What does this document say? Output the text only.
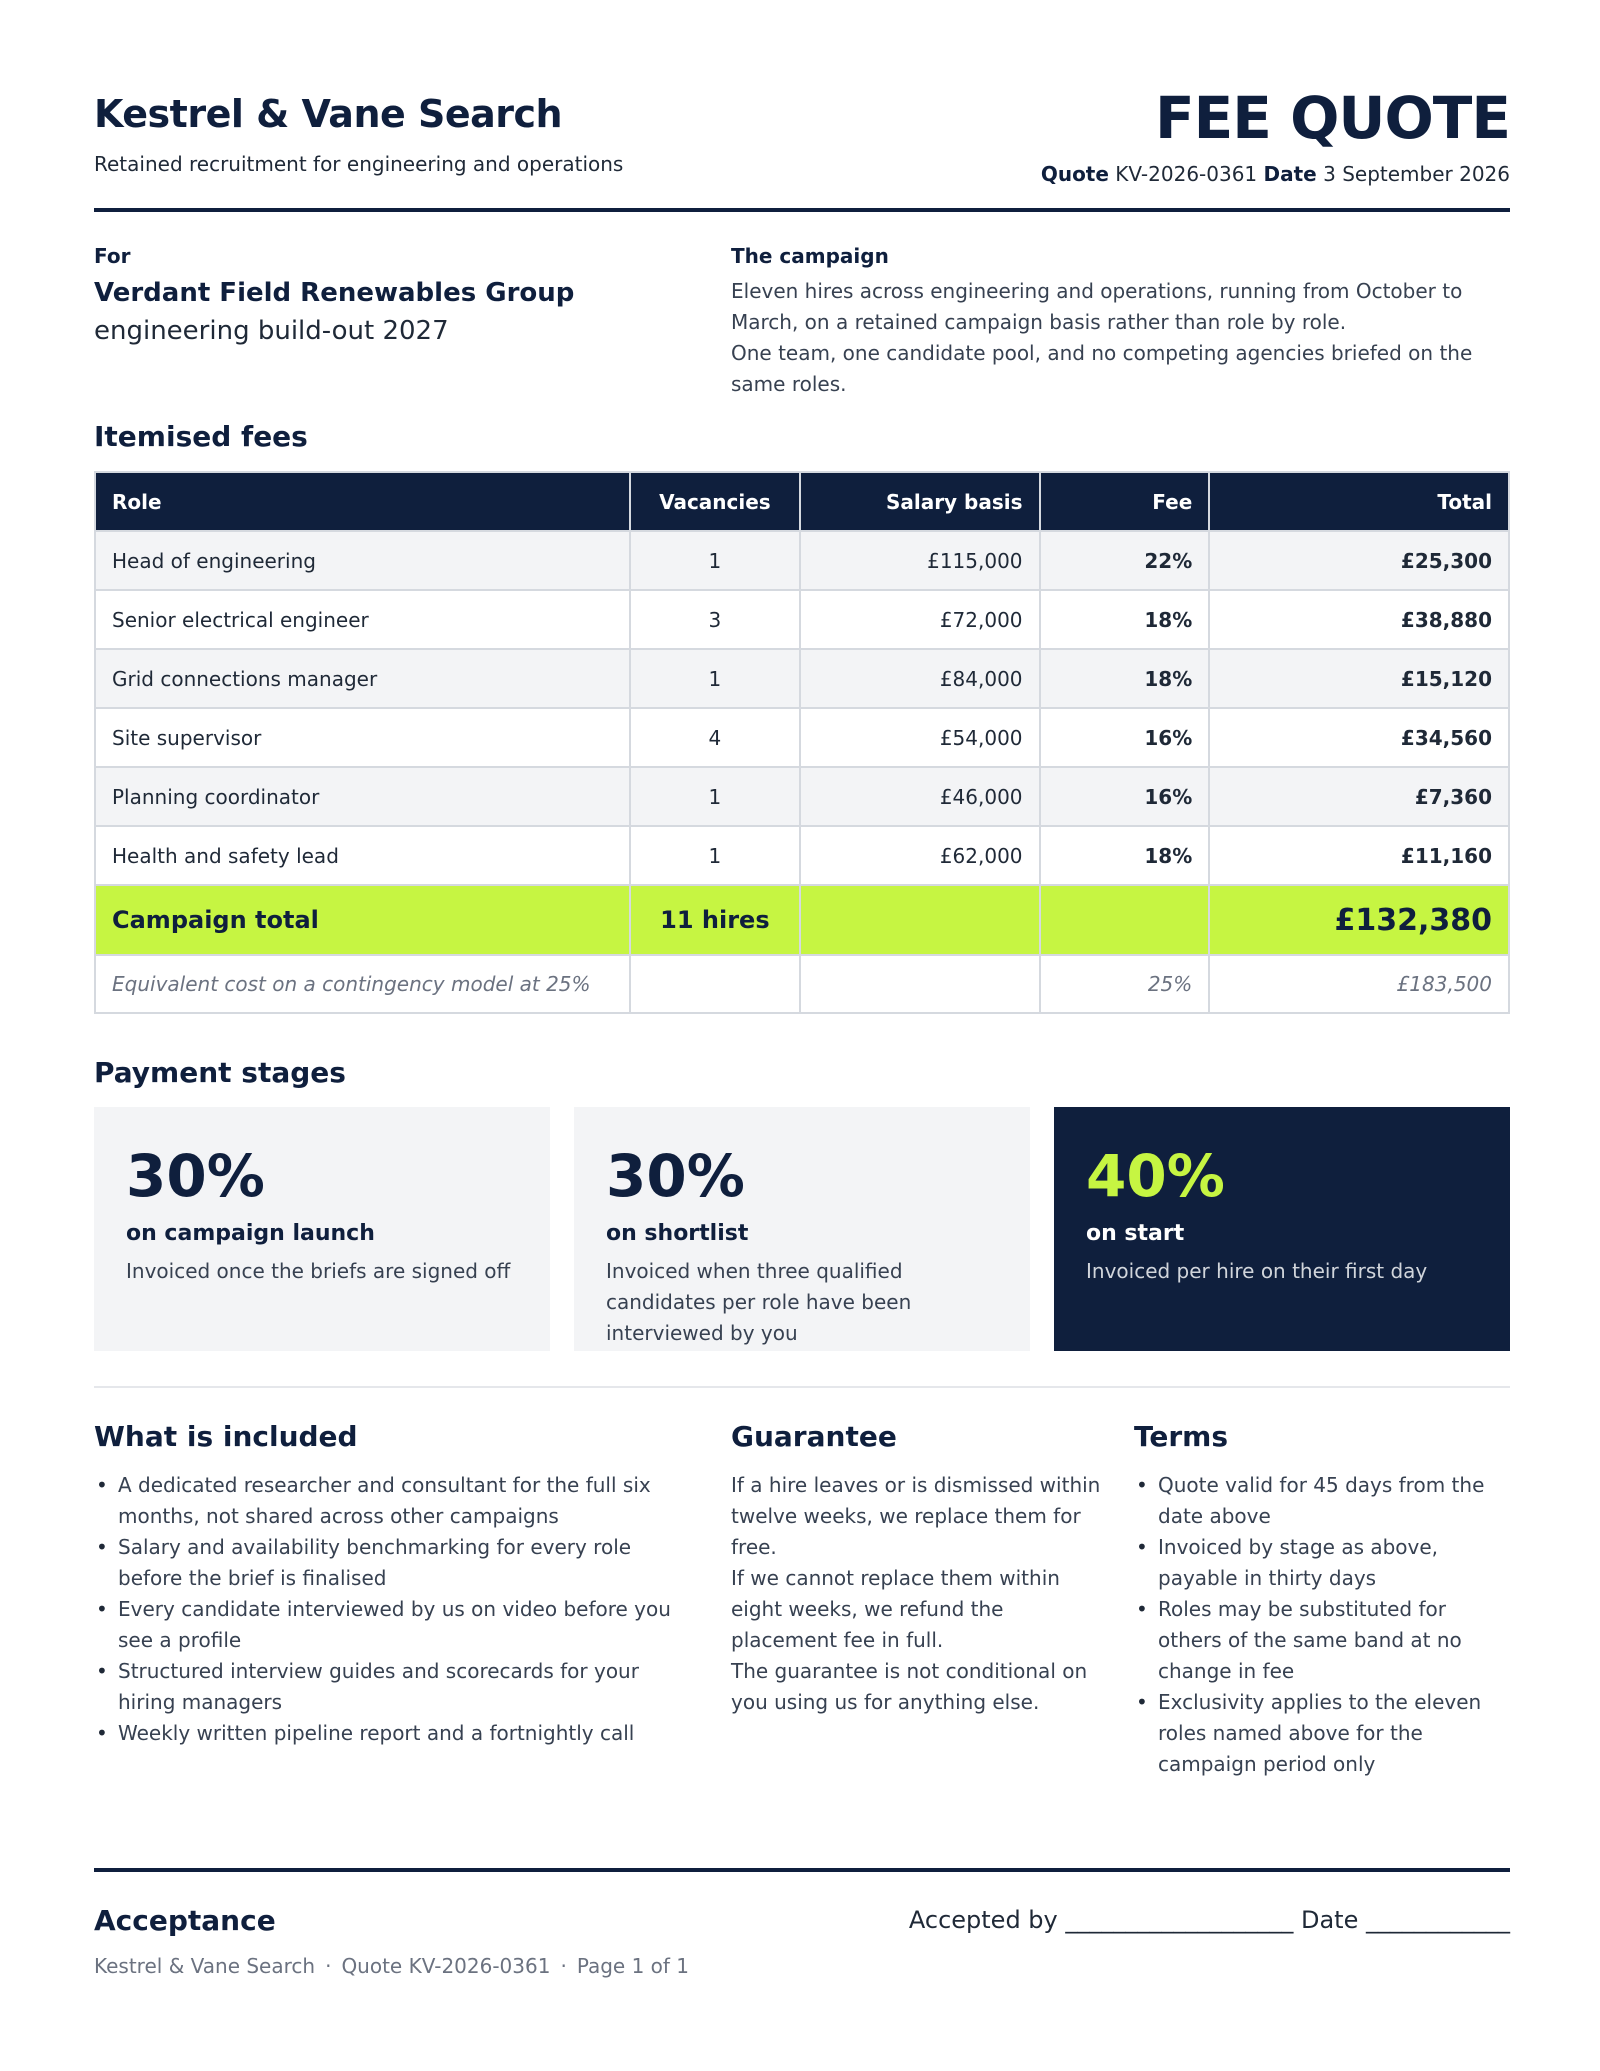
Kestrel & Vane Search
Retained recruitment for engineering and operations
FEE QUOTE
Quote KV-2026-0361 Date 3 September 2026
For
Verdant Field Renewables Group
engineering build-out 2027
The campaign
Eleven hires across engineering and operations, running from October to March, on a retained campaign basis rather than role by role.
One team, one candidate pool, and no competing agencies briefed on the same roles.
Itemised fees
Role	Vacancies	Salary basis	Fee	Total
Head of engineering	1	£115,000	22%	£25,300
Senior electrical engineer	3	£72,000	18%	£38,880
Grid connections manager	1	£84,000	18%	£15,120
Site supervisor	4	£54,000	16%	£34,560
Planning coordinator	1	£46,000	16%	£7,360
Health and safety lead	1	£62,000	18%	£11,160
Campaign total	11 hires			£132,380
Equivalent cost on a contingency model at 25%			25%	£183,500
Payment stages
30%
on campaign launch
Invoiced once the briefs are signed off
30%
on shortlist
Invoiced when three qualified candidates per role have been interviewed by you
40%
on start
Invoiced per hire on their first day
What is included
• A dedicated researcher and consultant for the full six months, not shared across other campaigns
• Salary and availability benchmarking for every role before the brief is finalised
• Every candidate interviewed by us on video before you see a profile
• Structured interview guides and scorecards for your hiring managers
• Weekly written pipeline report and a fortnightly call
Guarantee
If a hire leaves or is dismissed within twelve weeks, we replace them for free.
If we cannot replace them within eight weeks, we refund the placement fee in full.
The guarantee is not conditional on you using us for anything else.
Terms
• Quote valid for 45 days from the date above
• Invoiced by stage as above, payable in thirty days
• Roles may be substituted for others of the same band at no change in fee
• Exclusivity applies to the eleven roles named above for the campaign period only
Acceptance	Accepted by ___________________ Date ____________
Kestrel & Vane Search · Quote KV-2026-0361 · Page 1 of 1
